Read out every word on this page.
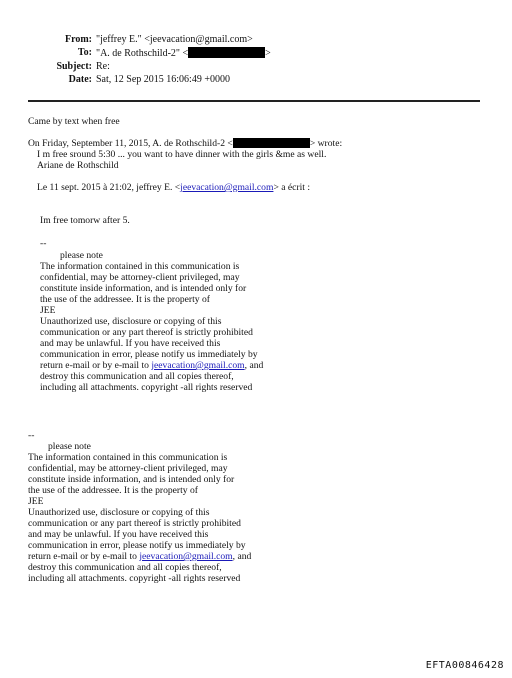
From: "jeffrey E." <jeevacation@gmail.com>
To: "A. de Rothschild-2" <	>
Subject: Re:
Date: Sat, 12 Sep 2015 16:06:49 +0000
Came by text when free
On Friday, September 11, 2015, A. de Rothschild-2 <	> wrote:
I m free sround 5:30 ... you want to have dinner with the girls &me as well.
Ariane de Rothschild
Le 11 sept. 2015 à 21:02, jeffrey E. <jeevacation@gmail.com> a écrit :
Im free tomorw after 5.
--
please note
The information contained in this communication is
confidential, may be attorney-client privileged, may
constitute inside information, and is intended only for
the use of the addressee. It is the property of
JEE
Unauthorized use, disclosure or copying of this
communication or any part thereof is strictly prohibited
and may be unlawful. If you have received this
communication in error, please notify us immediately by
return e-mail or by e-mail to jeevacation@gmail.com, and
destroy this communication and all copies thereof,
including all attachments. copyright -all rights reserved
--
please note
The information contained in this communication is
confidential, may be attorney-client privileged, may
constitute inside information, and is intended only for
the use of the addressee. It is the property of
JEE
Unauthorized use, disclosure or copying of this
communication or any part thereof is strictly prohibited
and may be unlawful. If you have received this
communication in error, please notify us immediately by
return e-mail or by e-mail to jeevacation@gmail.com, and
destroy this communication and all copies thereof,
including all attachments. copyright -all rights reserved
EFTA00846428
